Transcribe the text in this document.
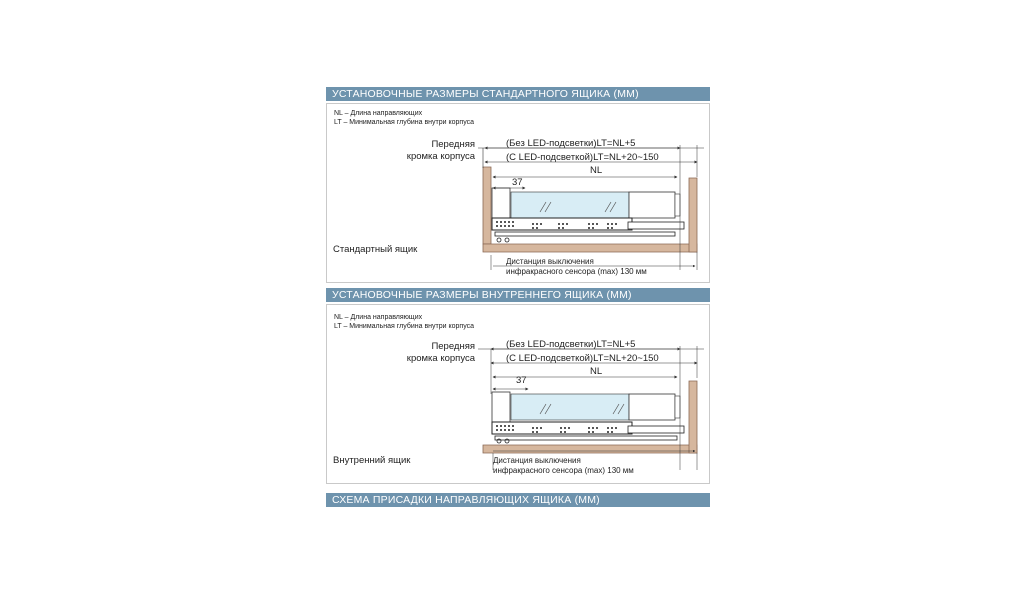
УСТАНОВОЧНЫЕ РАЗМЕРЫ СТАНДАРТНОГО ЯЩИКА (ММ)
NL – Длина направляющих
LT – Минимальная глубина внутри корпуса
Передняя
кромка корпуса
(Без LED-подсветки)LT=NL+5
(С LED-подсветкой)LT=NL+20~150
NL
37
Стандартный ящик
Дистанция выключения
инфракрасного сенсора (max) 130 мм
УСТАНОВОЧНЫЕ РАЗМЕРЫ ВНУТРЕННЕГО ЯЩИКА (ММ)
NL – Длина направляющих
LT – Минимальная глубина внутри корпуса
Передняя
кромка корпуса
(Без LED-подсветки)LT=NL+5
(С LED-подсветкой)LT=NL+20~150
NL
37
Внутренний ящик	Дистанция выключения
инфракрасного сенсора (max) 130 мм
СХЕМА ПРИСАДКИ НАПРАВЛЯЮЩИХ ЯЩИКА (ММ)
